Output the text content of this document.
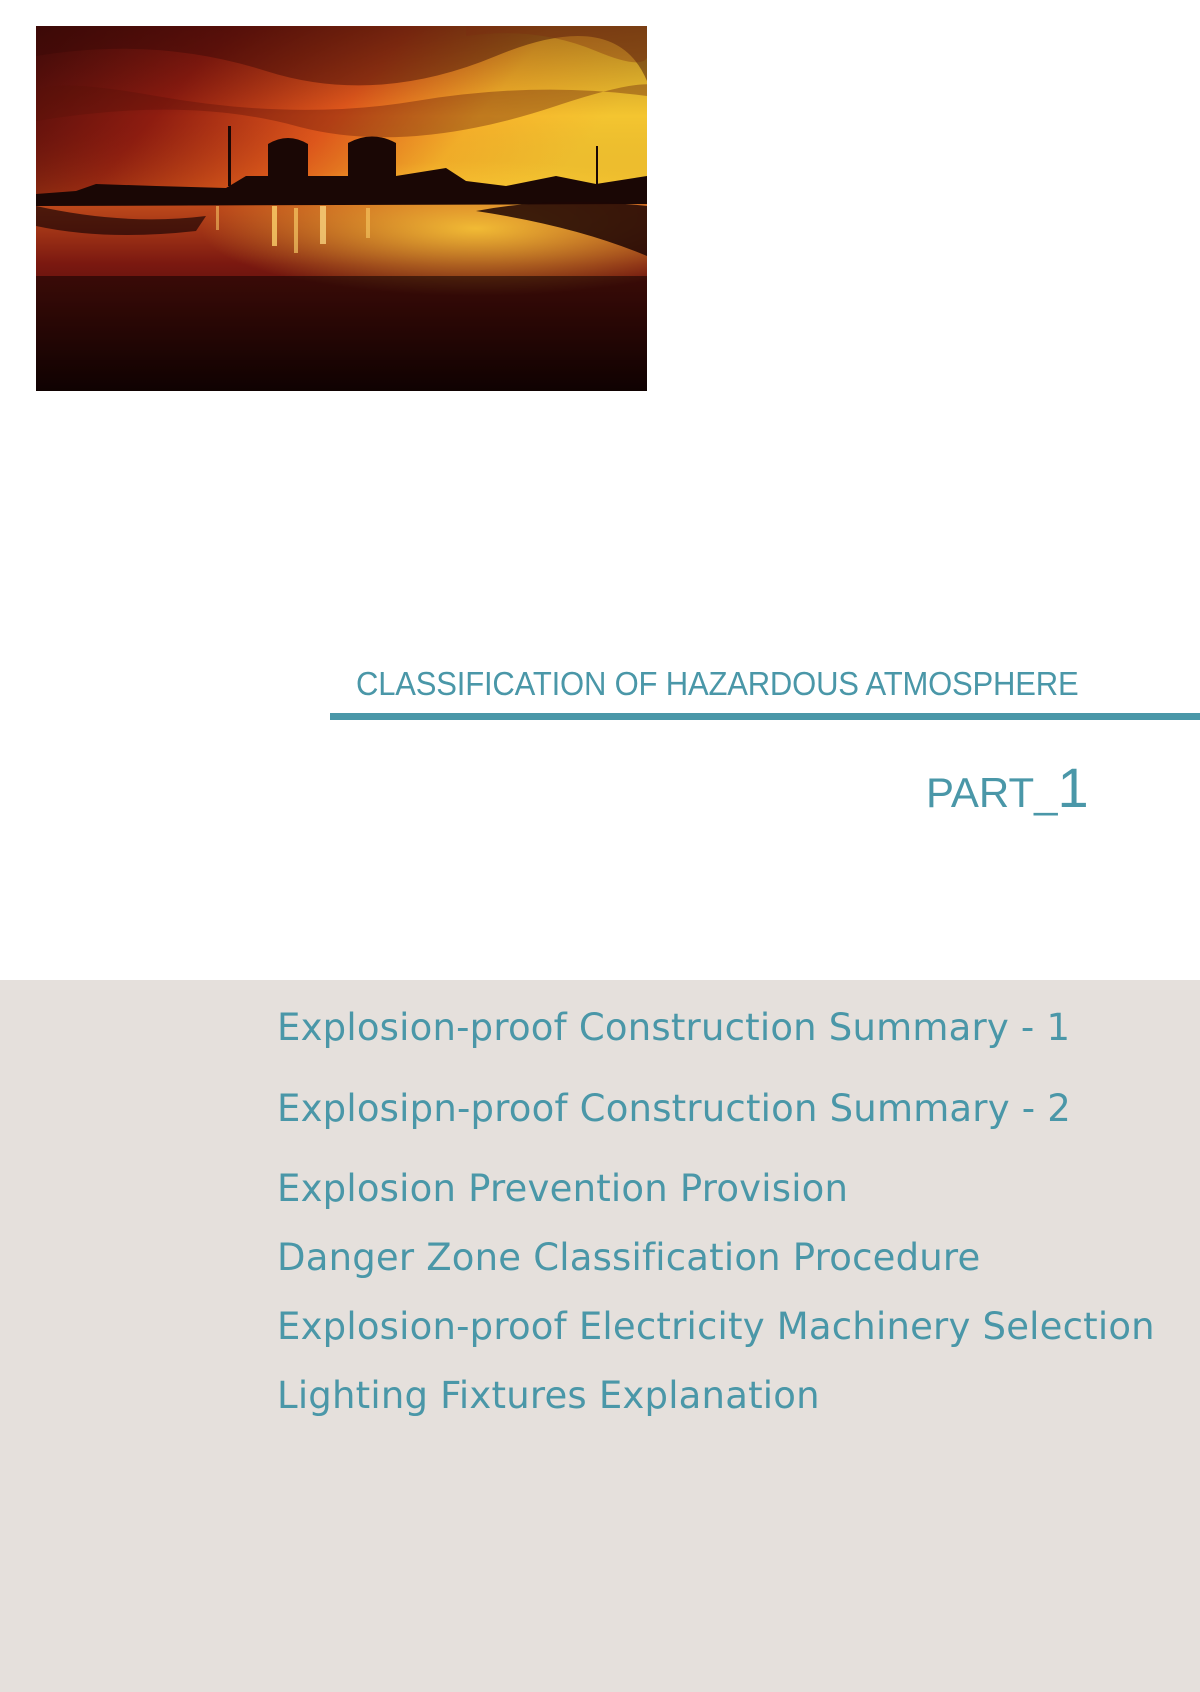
CLASSIFICATION OF HAZARDOUS ATMOSPHERE
PART_1
Explosion-proof Construction Summary - 1
Explosipn-proof Construction Summary - 2
Explosion Prevention Provision
Danger Zone Classification Procedure
Explosion-proof Electricity Machinery Selection
Lighting Fixtures Explanation
